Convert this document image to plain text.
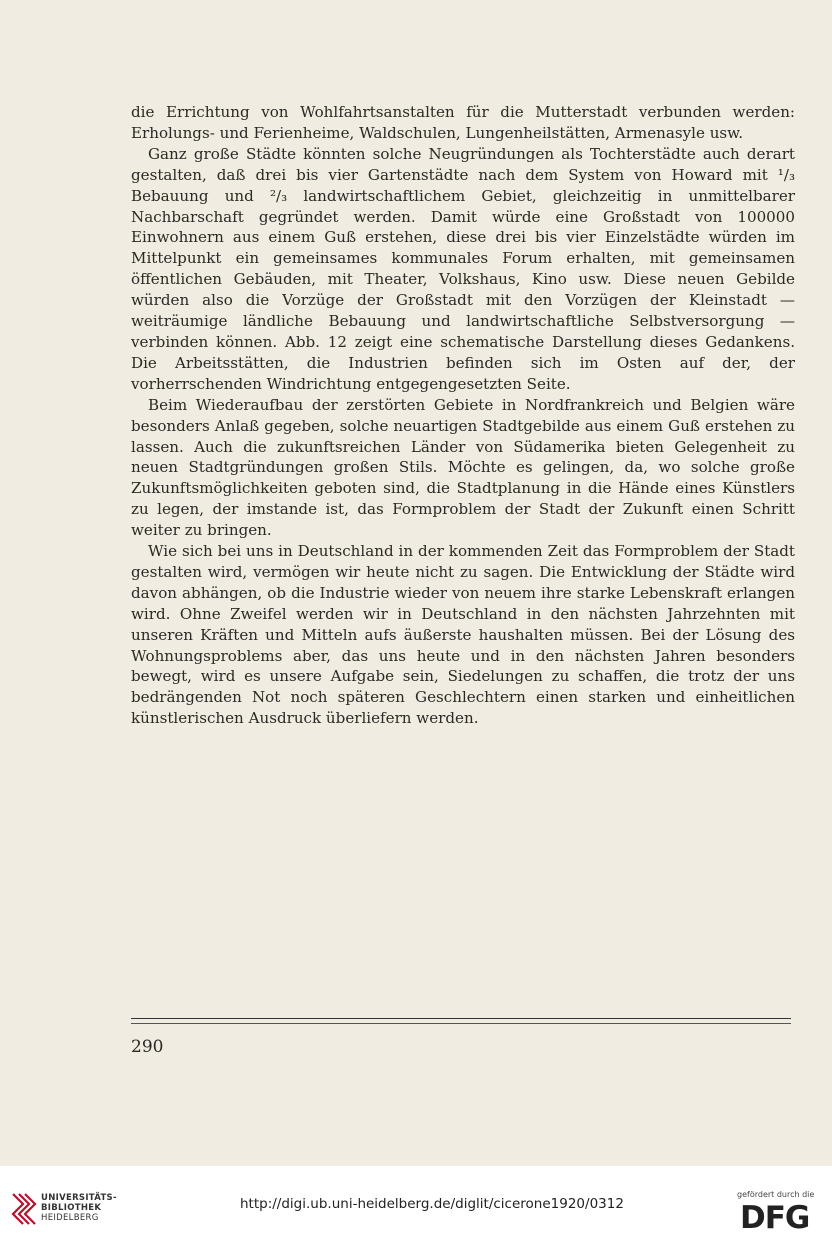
die Errichtung von Wohlfahrtsanstalten für die Mutterstadt verbunden werden: Erholungs- und Ferienheime, Waldschulen, Lungenheilstätten, Armenasyle usw.

Ganz große Städte könnten solche Neugründungen als Tochterstädte auch derart gestalten, daß drei bis vier Gartenstädte nach dem System von Howard mit ¹/₃ Bebauung und ²/₃ landwirtschaftlichem Gebiet, gleichzeitig in unmittelbarer Nachbarschaft gegründet werden. Damit würde eine Großstadt von 100000 Einwohnern aus einem Guß erstehen, diese drei bis vier Einzelstädte würden im Mittelpunkt ein gemeinsames kommunales Forum erhalten, mit gemeinsamen öffentlichen Gebäuden, mit Theater, Volkshaus, Kino usw. Diese neuen Gebilde würden also die Vorzüge der Großstadt mit den Vorzügen der Kleinstadt — weiträumige ländliche Bebauung und landwirtschaftliche Selbstversorgung — verbinden können. Abb. 12 zeigt eine schematische Darstellung dieses Gedankens. Die Arbeitsstätten, die Industrien befinden sich im Osten auf der, der vorherrschenden Windrichtung entgegengesetzten Seite.

Beim Wiederaufbau der zerstörten Gebiete in Nordfrankreich und Belgien wäre besonders Anlaß gegeben, solche neuartigen Stadtgebilde aus einem Guß erstehen zu lassen. Auch die zukunftsreichen Länder von Südamerika bieten Gelegenheit zu neuen Stadtgründungen großen Stils. Möchte es gelingen, da, wo solche große Zukunftsmöglichkeiten geboten sind, die Stadtplanung in die Hände eines Künstlers zu legen, der imstande ist, das Formproblem der Stadt der Zukunft einen Schritt weiter zu bringen.

Wie sich bei uns in Deutschland in der kommenden Zeit das Formproblem der Stadt gestalten wird, vermögen wir heute nicht zu sagen. Die Entwicklung der Städte wird davon abhängen, ob die Industrie wieder von neuem ihre starke Lebenskraft erlangen wird. Ohne Zweifel werden wir in Deutschland in den nächsten Jahrzehnten mit unseren Kräften und Mitteln aufs äußerste haushalten müssen. Bei der Lösung des Wohnungsproblems aber, das uns heute und in den nächsten Jahren besonders bewegt, wird es unsere Aufgabe sein, Siedelungen zu schaffen, die trotz der uns bedrängenden Not noch späteren Geschlechtern einen starken und einheitlichen künstlerischen Ausdruck überliefern werden.

290
UNIVERSITÄTS-
BIBLIOTHEK
HEIDELBERG
http://digi.ub.uni-heidelberg.de/diglit/cicerone1920/0312
gefördert durch die
DFG
